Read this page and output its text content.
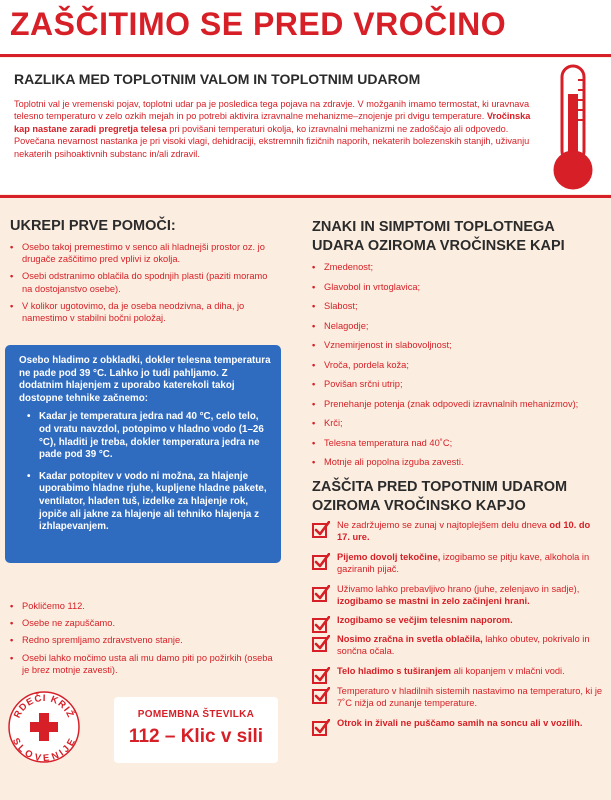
ZAŠČITIMO SE PRED VROČINO
RAZLIKA MED TOPLOTNIM VALOM IN TOPLOTNIM UDAROM

Toplotni val je vremenski pojav, toplotni udar pa je posledica tega pojava na zdravje. V možganih imamo termostat, ki uravnava telesno temperaturo v zelo ozkih mejah in po potrebi aktivira izravnalne mehanizme–znojenje pri dvigu temperature. Vročinska kap nastane zaradi pregretja telesa pri povišani temperaturi okolja, ko izravnalni mehanizmi ne zadoščajo ali odpovedo. Povečana nevarnost nastanka je pri visoki vlagi, dehidraciji, ekstremnih fizičnih naporih, nekaterih bolezenskih stanjih, uživanju nekaterih psihoaktivnih substanc in/ali zdravil.

UKREPI PRVE POMOČI:
• Osebo takoj premestimo v senco ali hladnejši prostor oz. jo drugače zaščitimo pred vplivi iz okolja.
• Osebi odstranimo oblačila do spodnjih plasti (paziti moramo na dostojanstvo osebe).
• V kolikor ugotovimo, da je oseba neodzivna, a diha, jo namestimo v stabilni bočni položaj.

Osebo hladimo z obkladki, dokler telesna temperatura ne pade pod 39 °C. Lahko jo tudi pahljamo. Z dodatnim hlajenjem z uporabo katerekoli takoj dostopne tehnike začnemo:

• Kadar je temperatura jedra nad 40 °C, celo telo, od vratu navzdol, potopimo v hladno vodo (1–26 °C), hladiti je treba, dokler temperatura jedra ne pade pod 39 °C.
• Kadar potopitev v vodo ni možna, za hlajenje uporabimo hladne rjuhe, kupljene hladne pakete, ventilator, hladen tuš, izdelke za hlajenje rok, jopiče ali jakne za hlajenje ali tehniko hlajenja z izhlapevanjem.
• Pokličemo 112.
• Osebe ne zapuščamo.
• Redno spremljamo zdravstveno stanje.
• Osebi lahko močimo usta ali mu damo piti po požirkih (oseba je brez motnje zavesti).
RDEČI KRIŽ
SLOVENIJE
POMEMBNA ŠTEVILKA
112 – Klic v sili
ZNAKI IN SIMPTOMI TOPLOTNEGA UDARA OZIROMA VROČINSKE KAPI
• Zmedenost;
• Glavobol in vrtoglavica;
• Slabost;
• Nelagodje;
• Vznemirjenost in slabovoljnost;
• Vroča, pordela koža;
• Povišan srčni utrip;
• Prenehanje potenja (znak odpovedi izravnalnih mehanizmov);
• Krči;
• Telesna temperatura nad 40˚C;
• Motnje ali popolna izguba zavesti.
ZAŠČITA PRED TOPOTNIM UDAROM OZIROMA VROČINSKO KAPJO
Ne zadržujemo se zunaj v najtoplejšem delu dneva od 10. do 17. ure.
Pijemo dovolj tekočine, izogibamo se pitju kave, alkohola in gaziranih pijač.
Uživamo lahko prebavljivo hrano (juhe, zelenjavo in sadje), izogibamo se mastni in zelo začinjeni hrani.
Izogibamo se večjim telesnim naporom.
Nosimo zračna in svetla oblačila, lahko obutev, pokrivalo in sončna očala.
Telo hladimo s tuširanjem ali kopanjem v mlačni vodi.
Temperaturo v hladilnih sistemih nastavimo na temperaturo, ki je 7˚C nižja od zunanje temperature.
Otrok in živali ne puščamo samih na soncu ali v vozilih.
